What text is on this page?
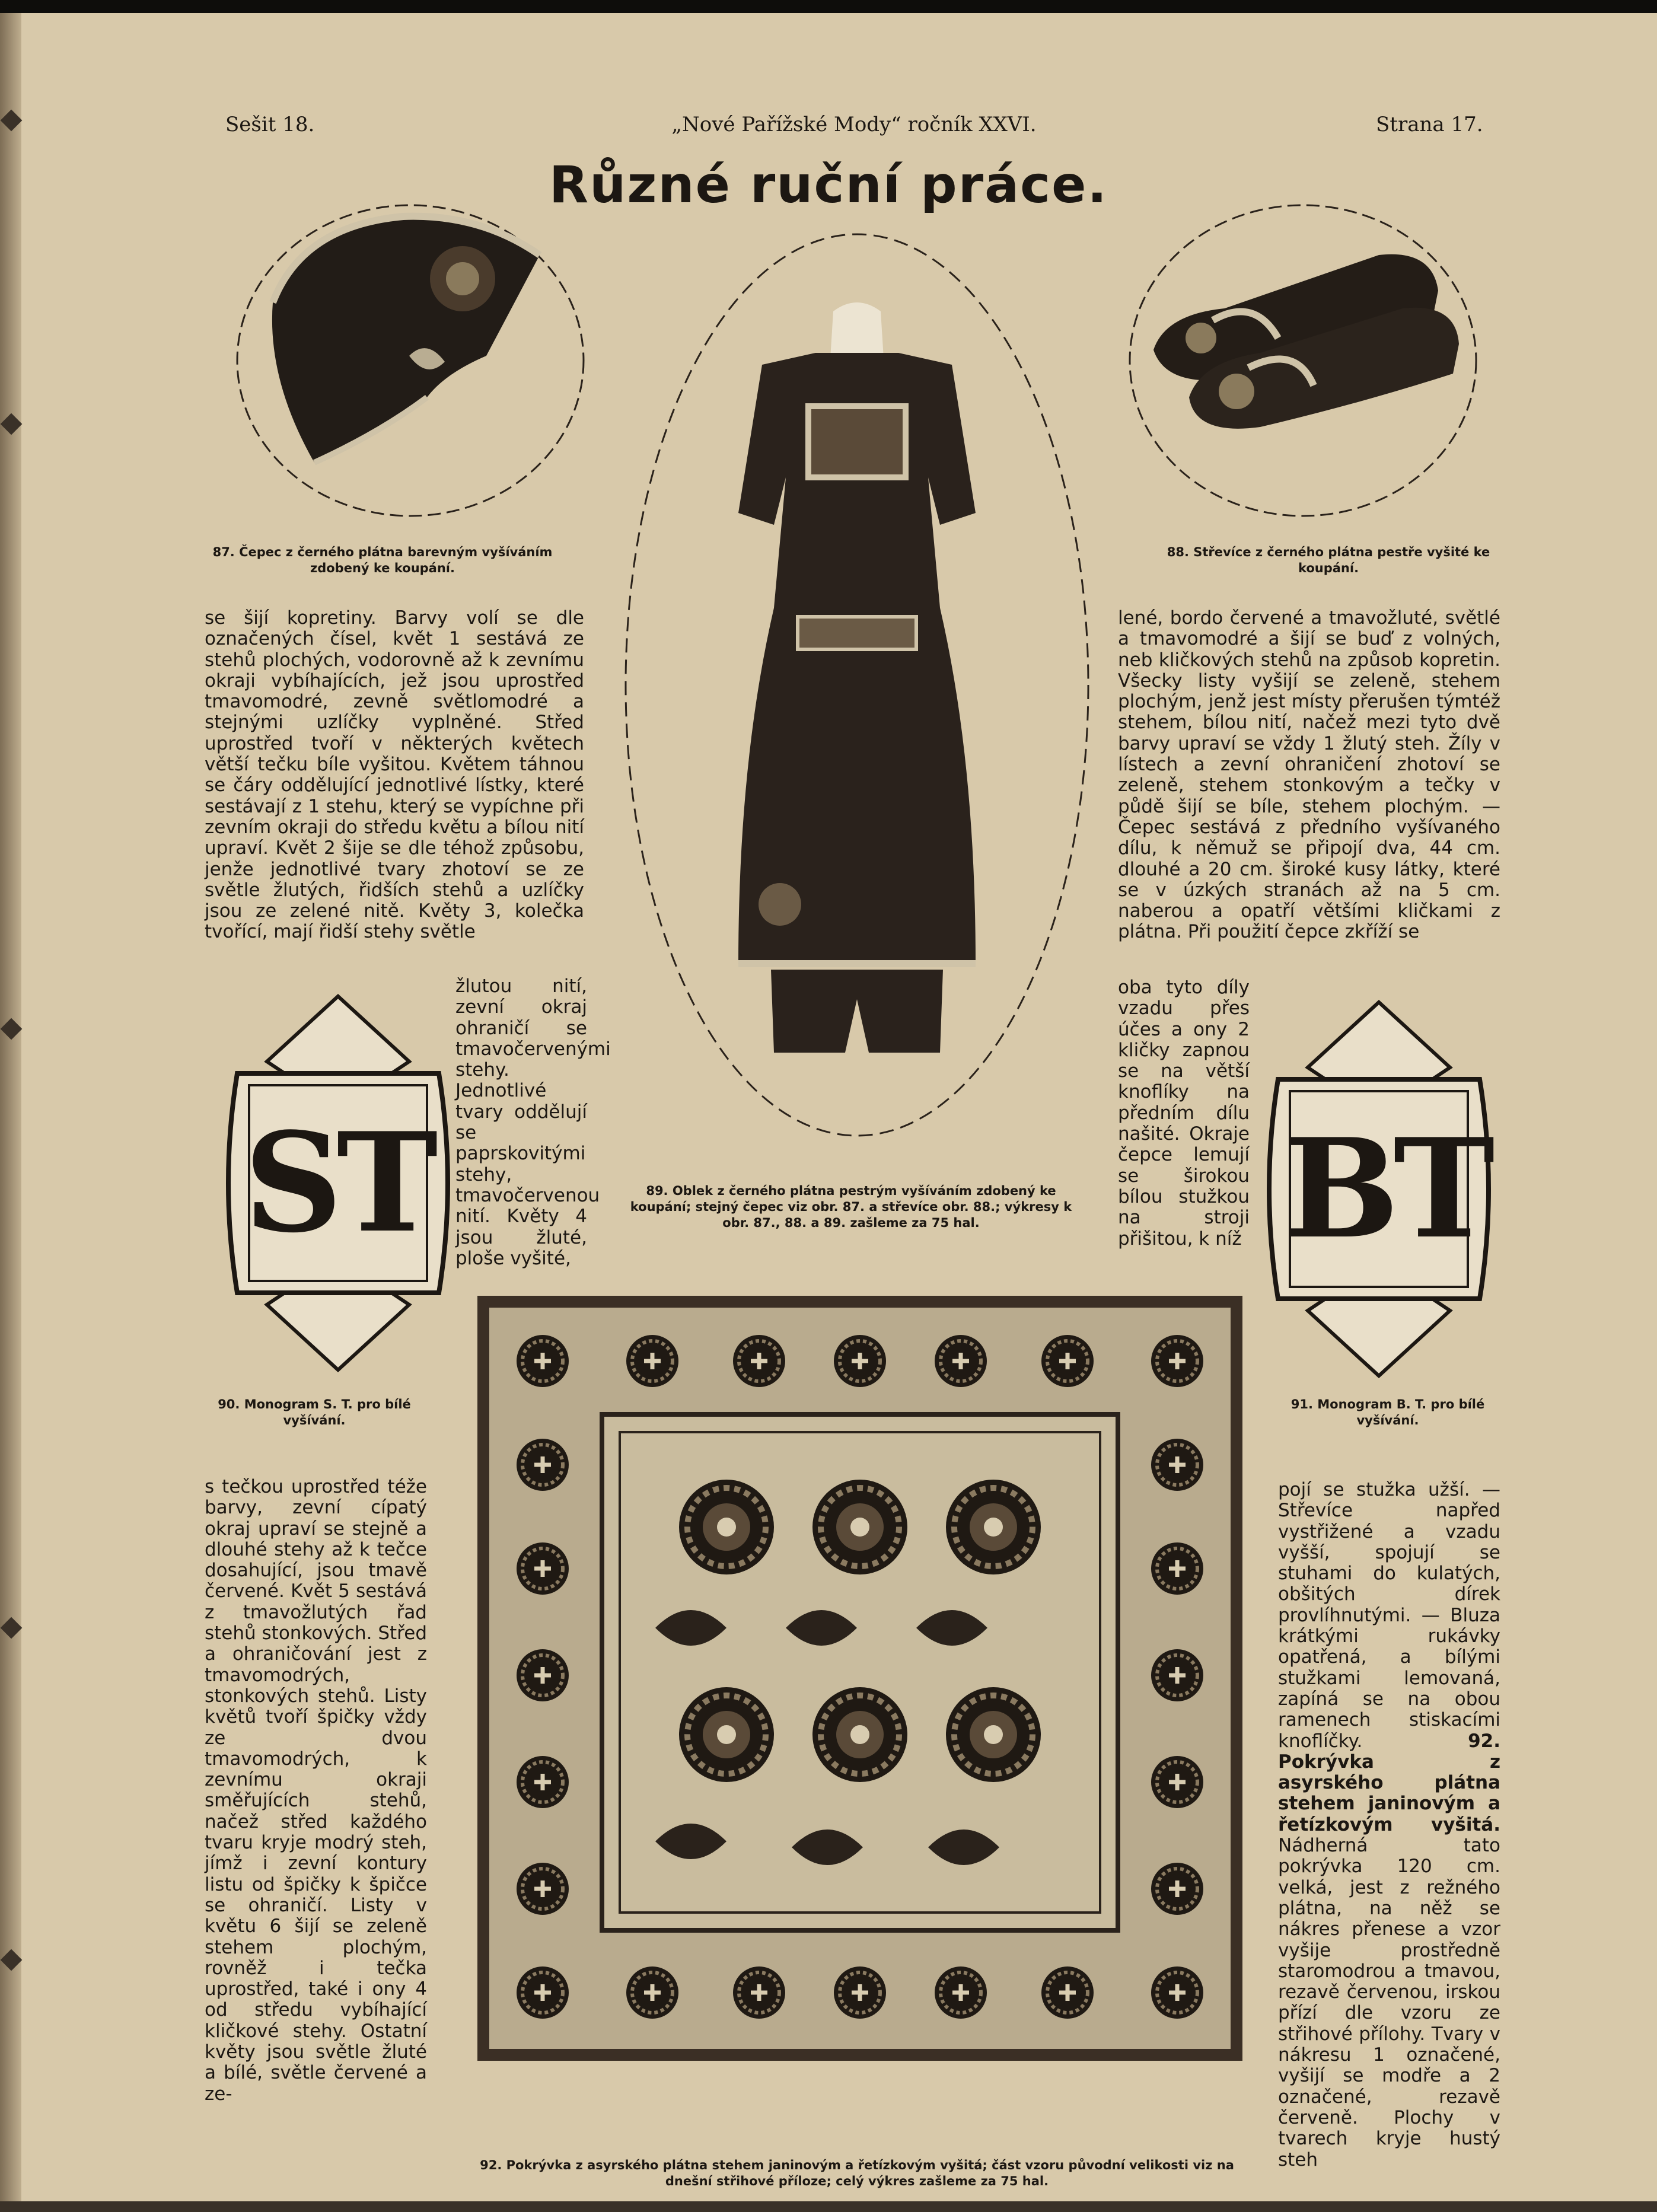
Sešit 18.	„Nové Pařížské Mody“ ročník XXVI.	Strana 17.
Různé ruční práce.
87. Čepec z černého plátna barevným vyšíváním zdobený ke koupání.
88. Střevíce z černého plátna pestře vyšité ke koupání.
89. Oblek z černého plátna pestrým vyšíváním zdobený ke koupání; stejný čepec viz obr. 87. a střevíce obr. 88.; výkresy k obr. 87., 88. a 89. zašleme za 75 hal.
ST
90. Monogram S. T. pro bílé vyšívání.
BT
91. Monogram B. T. pro bílé vyšívání.
92. Pokrývka z asyrského plátna stehem janinovým a řetízkovým vyšitá; část vzoru původní velikosti viz na dnešní střihové příloze; celý výkres zašleme za 75 hal.
se šijí kopretiny. Barvy volí se dle označených čísel, květ 1 sestává ze stehů plochých, vodorovně až k zevnímu okraji vybíhajících, jež jsou uprostřed tmavomodré, zevně světlomodré a stejnými uzlíčky vyplněné. Střed uprostřed tvoří v některých květech větší tečku bíle vyšitou. Květem táhnou se čáry oddělující jednotlivé lístky, které sestávají z 1 stehu, který se vypíchne při zevním okraji do středu květu a bílou nití upraví. Květ 2 šije se dle téhož způsobu, jenže jednotlivé tvary zhotoví se ze světle žlutých, řidších stehů a uzlíčky jsou ze zelené nitě. Květy 3, kolečka tvořící, mají řidší stehy světle
žlutou nití, zevní okraj ohraničí se tmavočervenými stehy. Jednotlivé tvary oddělují se paprskovitými stehy, tmavočervenou nití. Květy 4 jsou žluté, ploše vyšité,
s tečkou uprostřed téže barvy, zevní cípatý okraj upraví se stejně a dlouhé stehy až k tečce dosahující, jsou tmavě červené. Květ 5 sestává z tmavožlutých řad stehů stonkových. Střed a ohraničování jest z tmavomodrých, stonkových stehů. Listy květů tvoří špičky vždy ze dvou tmavomodrých, k zevnímu okraji směřujících stehů, načež střed každého tvaru kryje modrý steh, jímž i zevní kontury listu od špičky k špičce se ohraničí. Listy v květu 6 šijí se zeleně stehem plochým, rovněž i tečka uprostřed, také i ony 4 od středu vybíhající kličkové stehy. Ostatní květy jsou světle žluté a bílé, světle červené a ze-
lené, bordo červené a tmavožluté, světlé a tmavomodré a šijí se buď z volných, neb kličkových stehů na způsob kopretin. Všecky listy vyšijí se zeleně, stehem plochým, jenž jest místy přerušen týmtéž stehem, bílou nití, načež mezi tyto dvě barvy upraví se vždy 1 žlutý steh. Žíly v lístech a zevní ohraničení zhotoví se zeleně, stehem stonkovým a tečky v půdě šijí se bíle, stehem plochým. — Čepec sestává z předního vyšívaného dílu, k němuž se připojí dva, 44 cm. dlouhé a 20 cm. široké kusy látky, které se v úzkých stranách až na 5 cm. naberou a opatří většími kličkami z plátna. Při použití čepce zkříží se
oba tyto díly vzadu přes účes a ony 2 kličky zapnou se na větší knoflíky na předním dílu našité. Okraje čepce lemují se širokou bílou stužkou na stroji přišitou, k níž
pojí se stužka užší. — Střevíce napřed vystřižené a vzadu vyšší, spojují se stuhami do kulatých, obšitých dírek provlíhnutými. — Bluza krátkými rukávky opatřená, a bílými stužkami lemovaná, zapíná se na obou ramenech stiskacími knoflíčky.	92. Pokrývka z asyrského plátna stehem janinovým a řetízkovým vyšitá. Nádherná tato pokrývka 120 cm. velká, jest z režného plátna, na něž se nákres přenese a vzor vyšije prostředně staromodrou a tmavou, rezavě červenou, irskou přízí dle vzoru ze střihové přílohy. Tvary v nákresu 1 označené, vyšijí se modře a 2 označené, rezavě červeně. Plochy v tvarech kryje hustý steh
